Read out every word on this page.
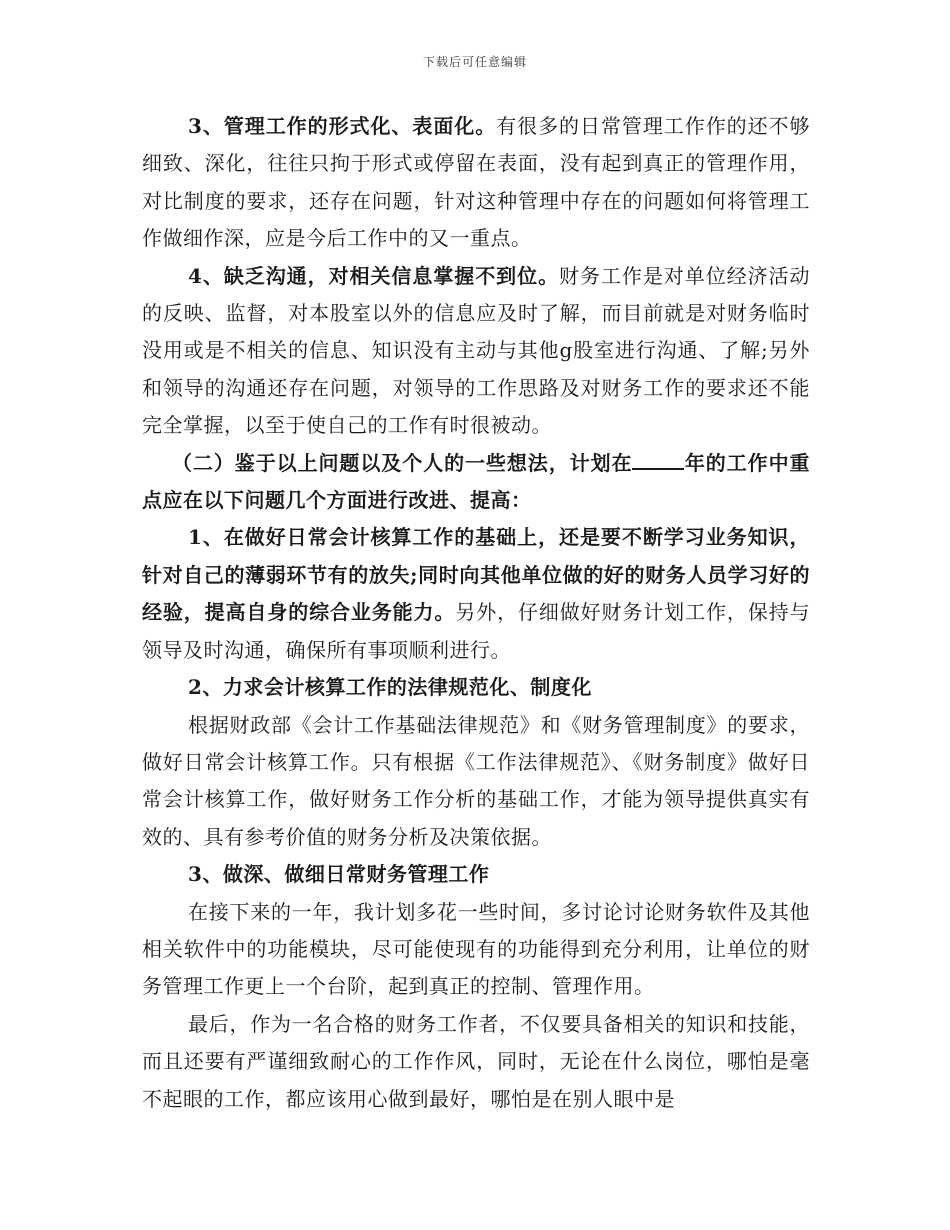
下载后可任意编辑

3、管理工作的形式化、表面化。有很多的日常管理工作作的还不够细致、深化，往往只拘于形式或停留在表面，没有起到真正的管理作用，对比制度的要求，还存在问题，针对这种管理中存在的问题如何将管理工作做细作深，应是今后工作中的又一重点。

4、缺乏沟通，对相关信息掌握不到位。财务工作是对单位经济活动的反映、监督，对本股室以外的信息应及时了解，而目前就是对财务临时没用或是不相关的信息、知识没有主动与其他g股室进行沟通、了解;另外和领导的沟通还存在问题，对领导的工作思路及对财务工作的要求还不能完全掌握，以至于使自己的工作有时很被动。

（二）鉴于以上问题以及个人的一些想法，计划在	年的工作中重点应在以下问题几个方面进行改进、提高：

1、在做好日常会计核算工作的基础上，还是要不断学习业务知识，针对自己的薄弱环节有的放失;同时向其他单位做的好的财务人员学习好的经验，提高自身的综合业务能力。另外，仔细做好财务计划工作，保持与领导及时沟通，确保所有事项顺利进行。

2、力求会计核算工作的法律规范化、制度化

根据财政部《会计工作基础法律规范》和《财务管理制度》的要求，做好日常会计核算工作。只有根据《工作法律规范》、《财务制度》做好日常会计核算工作，做好财务工作分析的基础工作，才能为领导提供真实有效的、具有参考价值的财务分析及决策依据。

3、做深、做细日常财务管理工作

在接下来的一年，我计划多花一些时间，多讨论讨论财务软件及其他相关软件中的功能模块，尽可能使现有的功能得到充分利用，让单位的财务管理工作更上一个台阶，起到真正的控制、管理作用。

最后，作为一名合格的财务工作者，不仅要具备相关的知识和技能，而且还要有严谨细致耐心的工作作风，同时，无论在什么岗位，哪怕是毫不起眼的工作，都应该用心做到最好，哪怕是在别人眼中是
